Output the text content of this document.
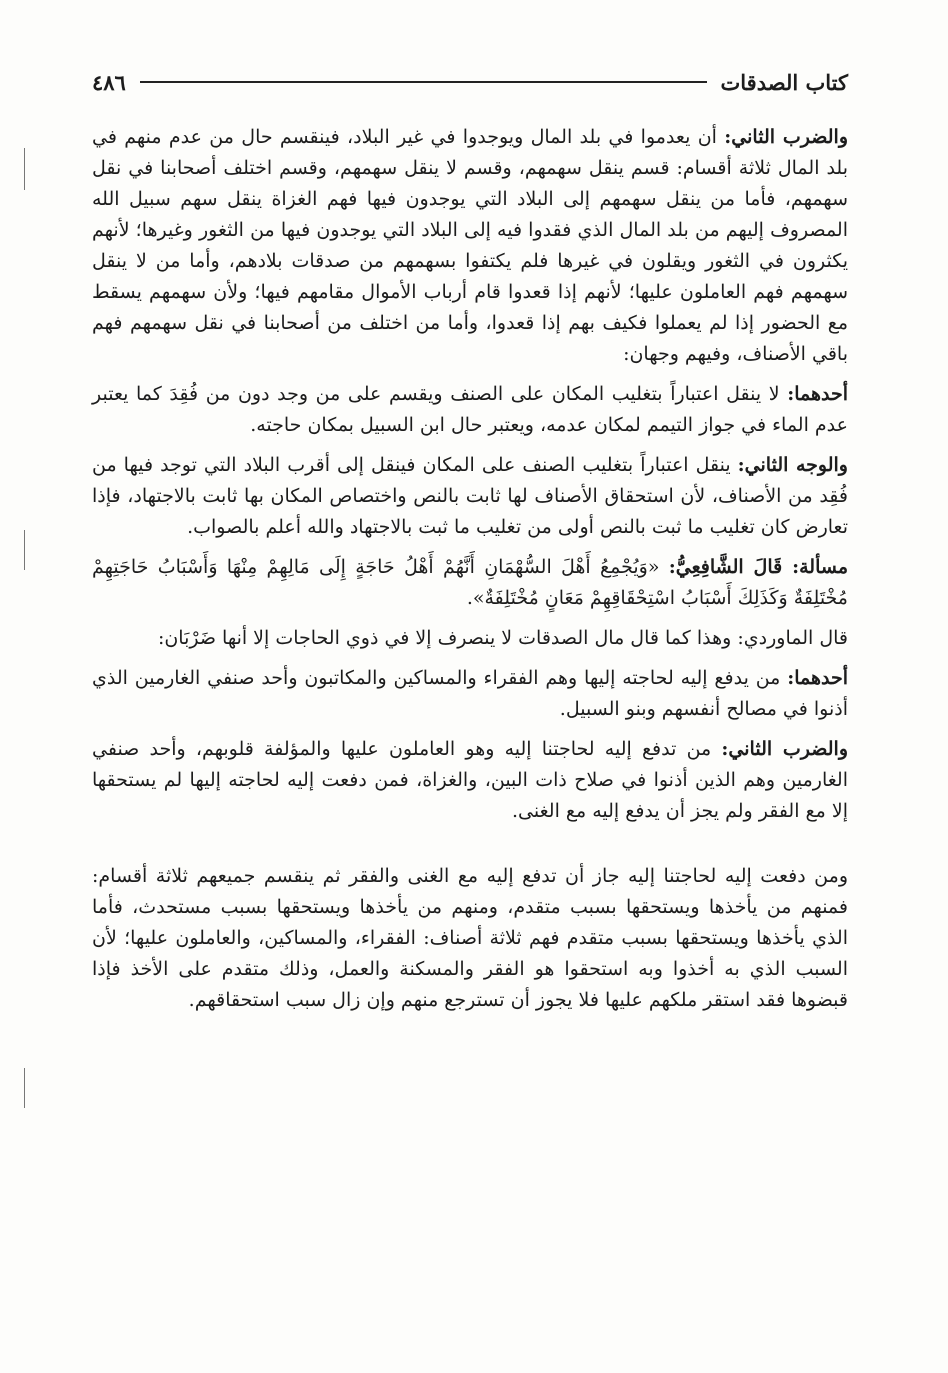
كتاب الصدقات
٤٨٦

والضرب الثاني: أن يعدموا في بلد المال ويوجدوا في غير البلاد، فينقسم حال من عدم منهم في بلد المال ثلاثة أقسام: قسم ينقل سهمهم، وقسم لا ينقل سهمهم، وقسم اختلف أصحابنا في نقل سهمهم، فأما من ينقل سهمهم إلى البلاد التي يوجدون فيها فهم الغزاة ينقل سهم سبيل الله المصروف إليهم من بلد المال الذي فقدوا فيه إلى البلاد التي يوجدون فيها من الثغور وغيرها؛ لأنهم يكثرون في الثغور ويقلون في غيرها فلم يكتفوا بسهمهم من صدقات بلادهم، وأما من لا ينقل سهمهم فهم العاملون عليها؛ لأنهم إذا قعدوا قام أرباب الأموال مقامهم فيها؛ ولأن سهمهم يسقط مع الحضور إذا لم يعملوا فكيف بهم إذا قعدوا، وأما من اختلف من أصحابنا في نقل سهمهم فهم باقي الأصناف، وفيهم وجهان:

أحدهما: لا ينقل اعتباراً بتغليب المكان على الصنف ويقسم على من وجد دون من فُقِدَ كما يعتبر عدم الماء في جواز التيمم لمكان عدمه، ويعتبر حال ابن السبيل بمكان حاجته.

والوجه الثاني: ينقل اعتباراً بتغليب الصنف على المكان فينقل إلى أقرب البلاد التي توجد فيها من فُقِد من الأصناف، لأن استحقاق الأصناف لها ثابت بالنص واختصاص المكان بها ثابت بالاجتهاد، فإذا تعارض كان تغليب ما ثبت بالنص أولى من تغليب ما ثبت بالاجتهاد والله أعلم بالصواب.

مسألة: قَالَ الشَّافِعِيُّ: «وَيُجْمِعُ أَهْلَ السُّهْمَانِ أَنَّهُمْ أَهْلُ حَاجَةٍ إِلَى مَالِهِمْ مِنْهَا وَأَسْبَابُ حَاجَتِهِمْ مُخْتَلِفَةٌ وَكَذَلِكَ أَسْبَابُ اسْتِحْقَاقِهِمْ مَعَانٍ مُخْتَلِفَةٌ».

قال الماوردي: وهذا كما قال مال الصدقات لا ينصرف إلا في ذوي الحاجات إلا أنها ضَرْبَان:

أحدهما: من يدفع إليه لحاجته إليها وهم الفقراء والمساكين والمكاتبون وأحد صنفي الغارمين الذي أذنوا في مصالح أنفسهم وبنو السبيل.

والضرب الثاني: من تدفع إليه لحاجتنا إليه وهو العاملون عليها والمؤلفة قلوبهم، وأحد صنفي الغارمين وهم الذين أذنوا في صلاح ذات البين، والغزاة، فمن دفعت إليه لحاجته إليها لم يستحقها إلا مع الفقر ولم يجز أن يدفع إليه مع الغنى.

ومن دفعت إليه لحاجتنا إليه جاز أن تدفع إليه مع الغنى والفقر ثم ينقسم جميعهم ثلاثة أقسام: فمنهم من يأخذها ويستحقها بسبب متقدم، ومنهم من يأخذها ويستحقها بسبب مستحدث، فأما الذي يأخذها ويستحقها بسبب متقدم فهم ثلاثة أصناف: الفقراء، والمساكين، والعاملون عليها؛ لأن السبب الذي به أخذوا وبه استحقوا هو الفقر والمسكنة والعمل، وذلك متقدم على الأخذ فإذا قبضوها فقد استقر ملكهم عليها فلا يجوز أن تسترجع منهم وإن زال سبب استحقاقهم.
